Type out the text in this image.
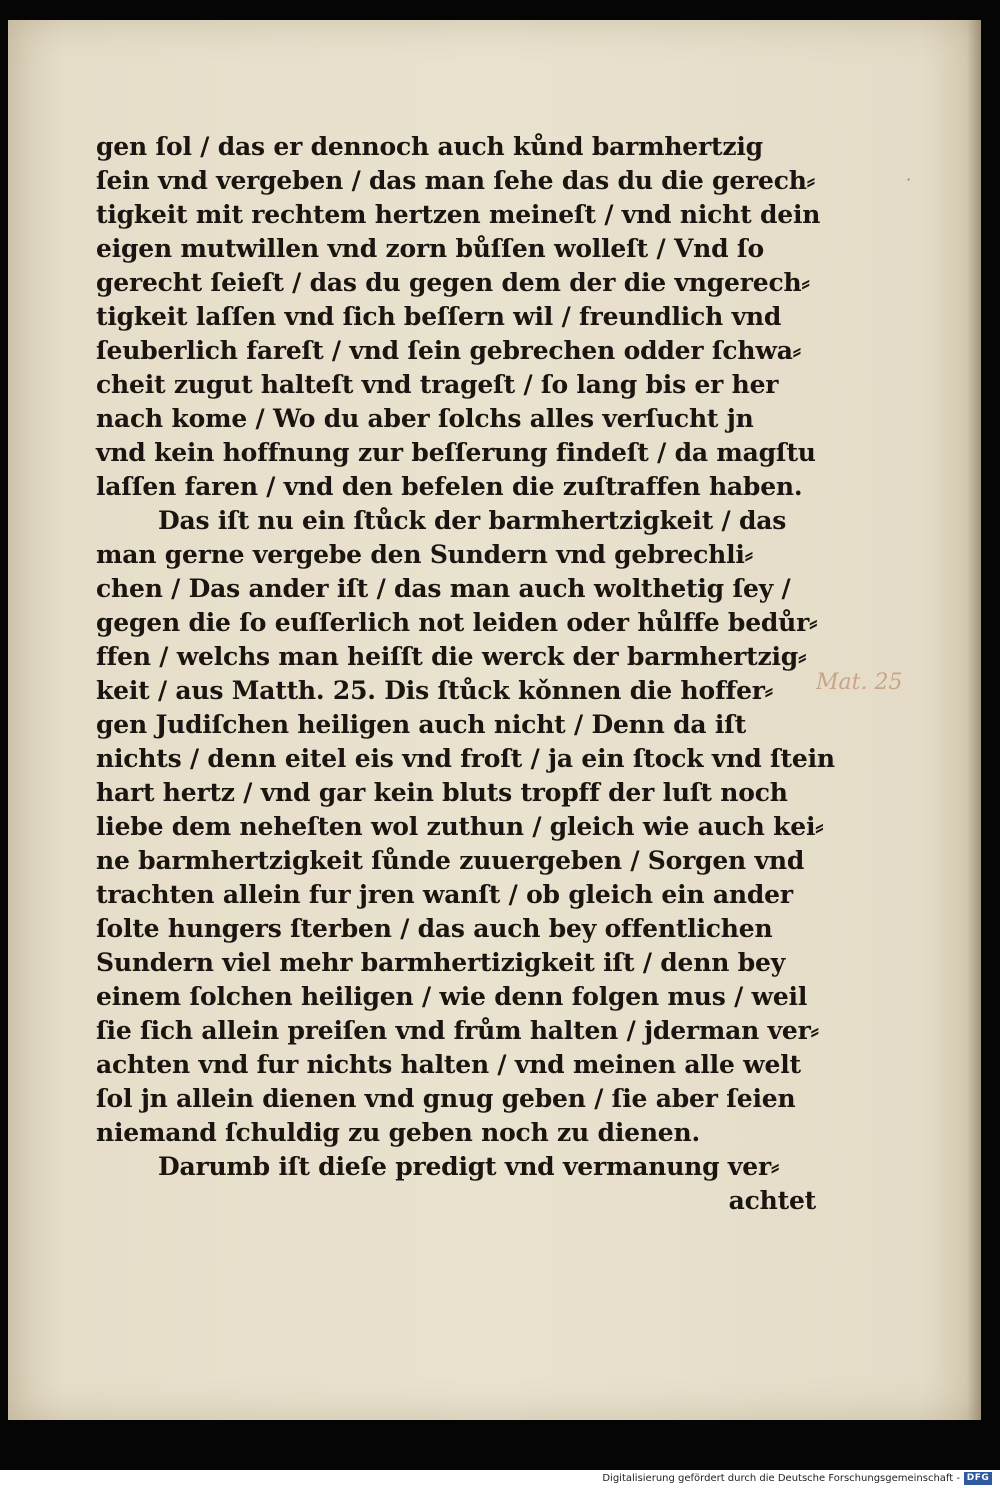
gen ſol / das er dennoch auch kůnd barmhertzig
ſein vnd vergeben / das man ſehe das du die gerech⸗
tigkeit mit rechtem hertzen meineſt / vnd nicht dein
eigen mutwillen vnd zorn bůſſen wolleſt / Vnd ſo
gerecht ſeieſt / das du gegen dem der die vngerech⸗
tigkeit laſſen vnd ſich beſſern wil / freundlich vnd
ſeuberlich fareſt / vnd ſein gebrechen odder ſchwa⸗
cheit zugut halteſt vnd trageſt / ſo lang bis er her
nach kome / Wo du aber ſolchs alles verſucht jn
vnd kein hoffnung zur beſſerung findeſt / da magſtu
laſſen faren / vnd den befelen die zuſtraffen haben.
Das iſt nu ein ſtůck der barmhertzigkeit / das
man gerne vergebe den Sundern vnd gebrechli⸗
chen / Das ander iſt / das man auch wolthetig ſey /
gegen die ſo euſſerlich not leiden oder hůlffe bedůr⸗
ffen / welchs man heiſſt die werck der barmhertzig⸗
keit / aus Matth. 25. Dis ſtůck kǒnnen die hoffer⸗
gen Judiſchen heiligen auch nicht / Denn da iſt
nichts / denn eitel eis vnd froſt / ja ein ſtock vnd ſtein
hart hertz / vnd gar kein bluts tropff der luſt noch
liebe dem neheſten wol zuthun / gleich wie auch kei⸗
ne barmhertzigkeit ſůnde zuuergeben / Sorgen vnd
trachten allein fur jren wanſt / ob gleich ein ander
ſolte hungers ſterben / das auch bey offentlichen
Sundern viel mehr barmhertizigkeit iſt / denn bey
einem ſolchen heiligen / wie denn folgen mus / weil
ſie ſich allein preiſen vnd frům halten / jderman ver⸗
achten vnd fur nichts halten / vnd meinen alle welt
ſol jn allein dienen vnd gnug geben / ſie aber ſeien
niemand ſchuldig zu geben noch zu dienen.
Darumb iſt dieſe predigt vnd vermanung ver⸗
achtet
Mat. 25
·
Digitalisierung gefördert durch die Deutsche Forschungsgemeinschaft - DFG
